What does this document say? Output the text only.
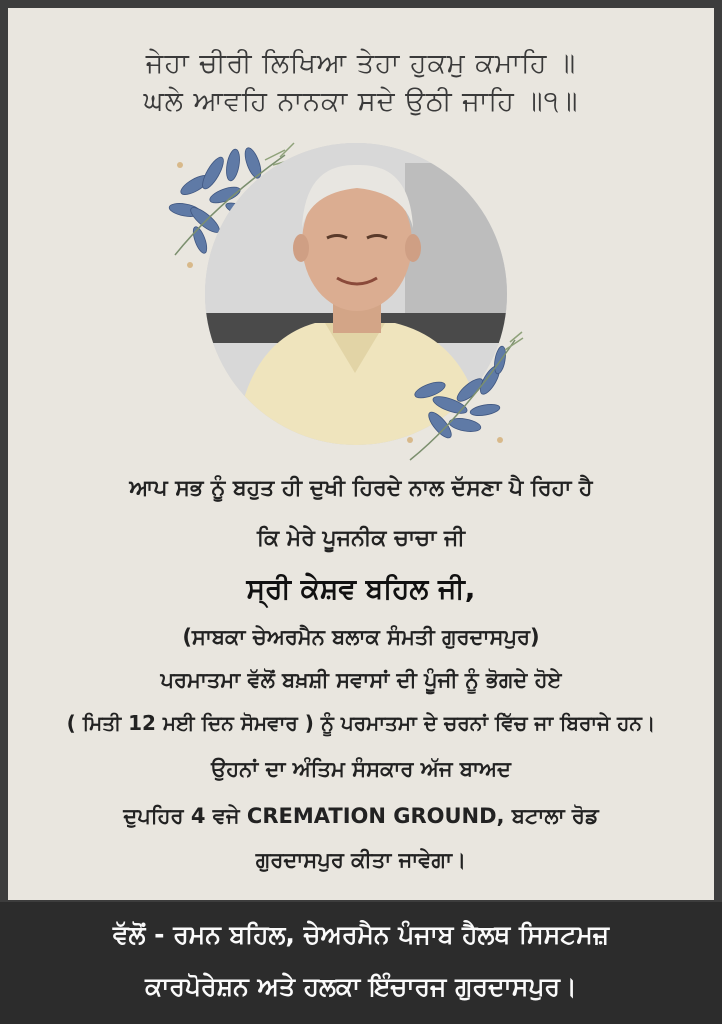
ਜੇਹਾ ਚੀਰੀ ਲਿਖਿਆ ਤੇਹਾ ਹੁਕਮੁ ਕਮਾਹਿ ॥
ਘਲੇ ਆਵਹਿ ਨਾਨਕਾ ਸਦੇ ਉਠੀ ਜਾਹਿ ॥੧॥
ਆਪ ਸਭ ਨੂੰ ਬਹੁਤ ਹੀ ਦੁਖੀ ਹਿਰਦੇ ਨਾਲ ਦੱਸਣਾ ਪੈ ਰਿਹਾ ਹੈ
ਕਿ ਮੇਰੇ ਪੂਜਨੀਕ ਚਾਚਾ ਜੀ
ਸ੍ਰੀ ਕੇਸ਼ਵ ਬਹਿਲ ਜੀ,
(ਸਾਬਕਾ ਚੇਅਰਮੈਨ ਬਲਾਕ ਸੰਮਤੀ ਗੁਰਦਾਸਪੁਰ)
ਪਰਮਾਤਮਾ ਵੱਲੋਂ ਬਖ਼ਸ਼ੀ ਸਵਾਸਾਂ ਦੀ ਪੂੰਜੀ ਨੂੰ ਭੋਗਦੇ ਹੋਏ
( ਮਿਤੀ 12 ਮਈ ਦਿਨ ਸੋਮਵਾਰ ) ਨੂੰ ਪਰਮਾਤਮਾ ਦੇ ਚਰਨਾਂ ਵਿੱਚ ਜਾ ਬਿਰਾਜੇ ਹਨ।
ਉਹਨਾਂ ਦਾ ਅੰਤਿਮ ਸੰਸਕਾਰ ਅੱਜ ਬਾਅਦ
ਦੁਪਹਿਰ 4 ਵਜੇ CREMATION GROUND, ਬਟਾਲਾ ਰੋਡ
ਗੁਰਦਾਸਪੁਰ ਕੀਤਾ ਜਾਵੇਗਾ।
ਵੱਲੋਂ - ਰਮਨ ਬਹਿਲ, ਚੇਅਰਮੈਨ ਪੰਜਾਬ ਹੈਲਥ ਸਿਸਟਮਜ਼
ਕਾਰਪੋਰੇਸ਼ਨ ਅਤੇ ਹਲਕਾ ਇੰਚਾਰਜ ਗੁਰਦਾਸਪੁਰ।
